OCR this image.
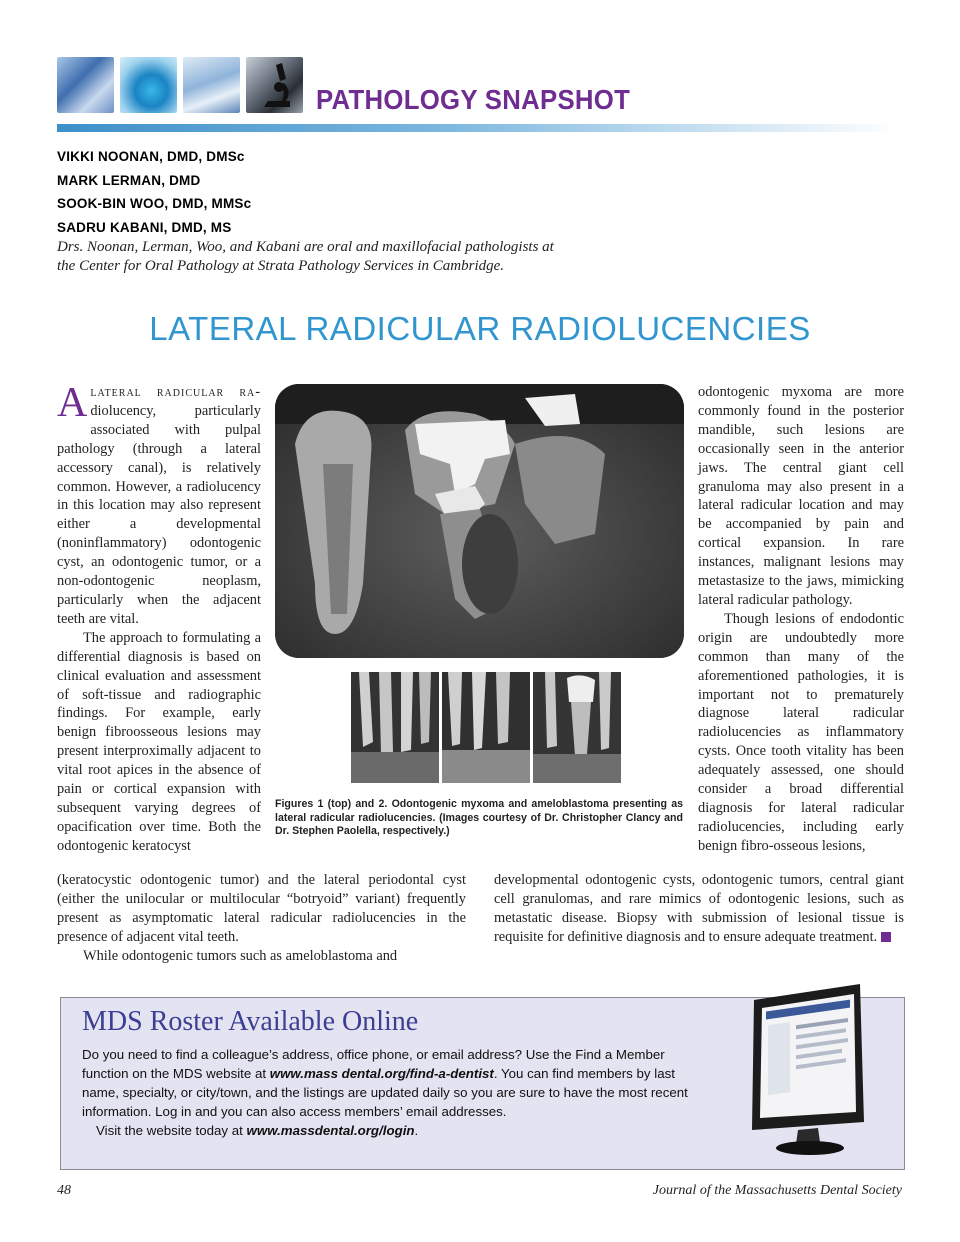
PATHOLOGY SNAPSHOT
VIKKI NOONAN, DMD, DMSc
MARK LERMAN, DMD
SOOK-BIN WOO, DMD, MMSc
SADRU KABANI, DMD, MS
Drs. Noonan, Lerman, Woo, and Kabani are oral and maxillofacial pathologists at
the Center for Oral Pathology at Strata Pathology Services in Cambridge.
LATERAL RADICULAR RADIOLUCENCIES

Alateral radicular ra-diolucency, particularly associated with pulpal pathology (through a lateral accessory canal), is relatively common. However, a radiolucency in this location may also represent either a developmental (noninflammatory) odontogenic cyst, an odontogenic tumor, or a non-odontogenic neoplasm, particularly when the adjacent teeth are vital.

The approach to formulating a differential diagnosis is based on clinical evaluation and assessment of soft-tissue and radiographic findings. For example, early benign fibroosseous lesions may present interproximally adjacent to vital root apices in the absence of pain or cortical expansion with subsequent varying degrees of opacification over time. Both the odontogenic keratocyst

odontogenic myxoma are more commonly found in the posterior mandible, such lesions are occasionally seen in the anterior jaws. The central giant cell granuloma may also present in a lateral radicular location and may be accompanied by pain and cortical expansion. In rare instances, malignant lesions may metastasize to the jaws, mimicking lateral radicular pathology.

Though lesions of endodontic origin are undoubtedly more common than many of the aforementioned pathologies, it is important not to prematurely diagnose lateral radicular radiolucencies as inflammatory cysts. Once tooth vitality has been adequately assessed, one should consider a broad differential diagnosis for lateral radicular radiolucencies, including early benign fibro-osseous lesions,

Figures 1 (top) and 2. Odontogenic myxoma and ameloblastoma presenting as lateral radicular radiolucencies. (Images courtesy of Dr. Christopher Clancy and Dr. Stephen Paolella, respectively.)

(keratocystic odontogenic tumor) and the lateral periodontal cyst (either the unilocular or multilocular “botryoid” variant) frequently present as asymptomatic lateral radicular radiolucencies in the presence of adjacent vital teeth.

While odontogenic tumors such as ameloblastoma and

developmental odontogenic cysts, odontogenic tumors, central giant cell granulomas, and rare mimics of odontogenic lesions, such as metastatic disease. Biopsy with submission of lesional tissue is requisite for definitive diagnosis and to ensure adequate treatment.

MDS Roster Available Online

Do you need to find a colleague’s address, office phone, or email address? Use the Find a Member function on the MDS website at www.mass dental.org/find-a-dentist. You can find members by last name, specialty, or city/town, and the listings are updated daily so you are sure to have the most recent information. Log in and you can also access members’ email addresses.

Visit the website today at www.massdental.org/login.

48	Journal of the Massachusetts Dental Society
